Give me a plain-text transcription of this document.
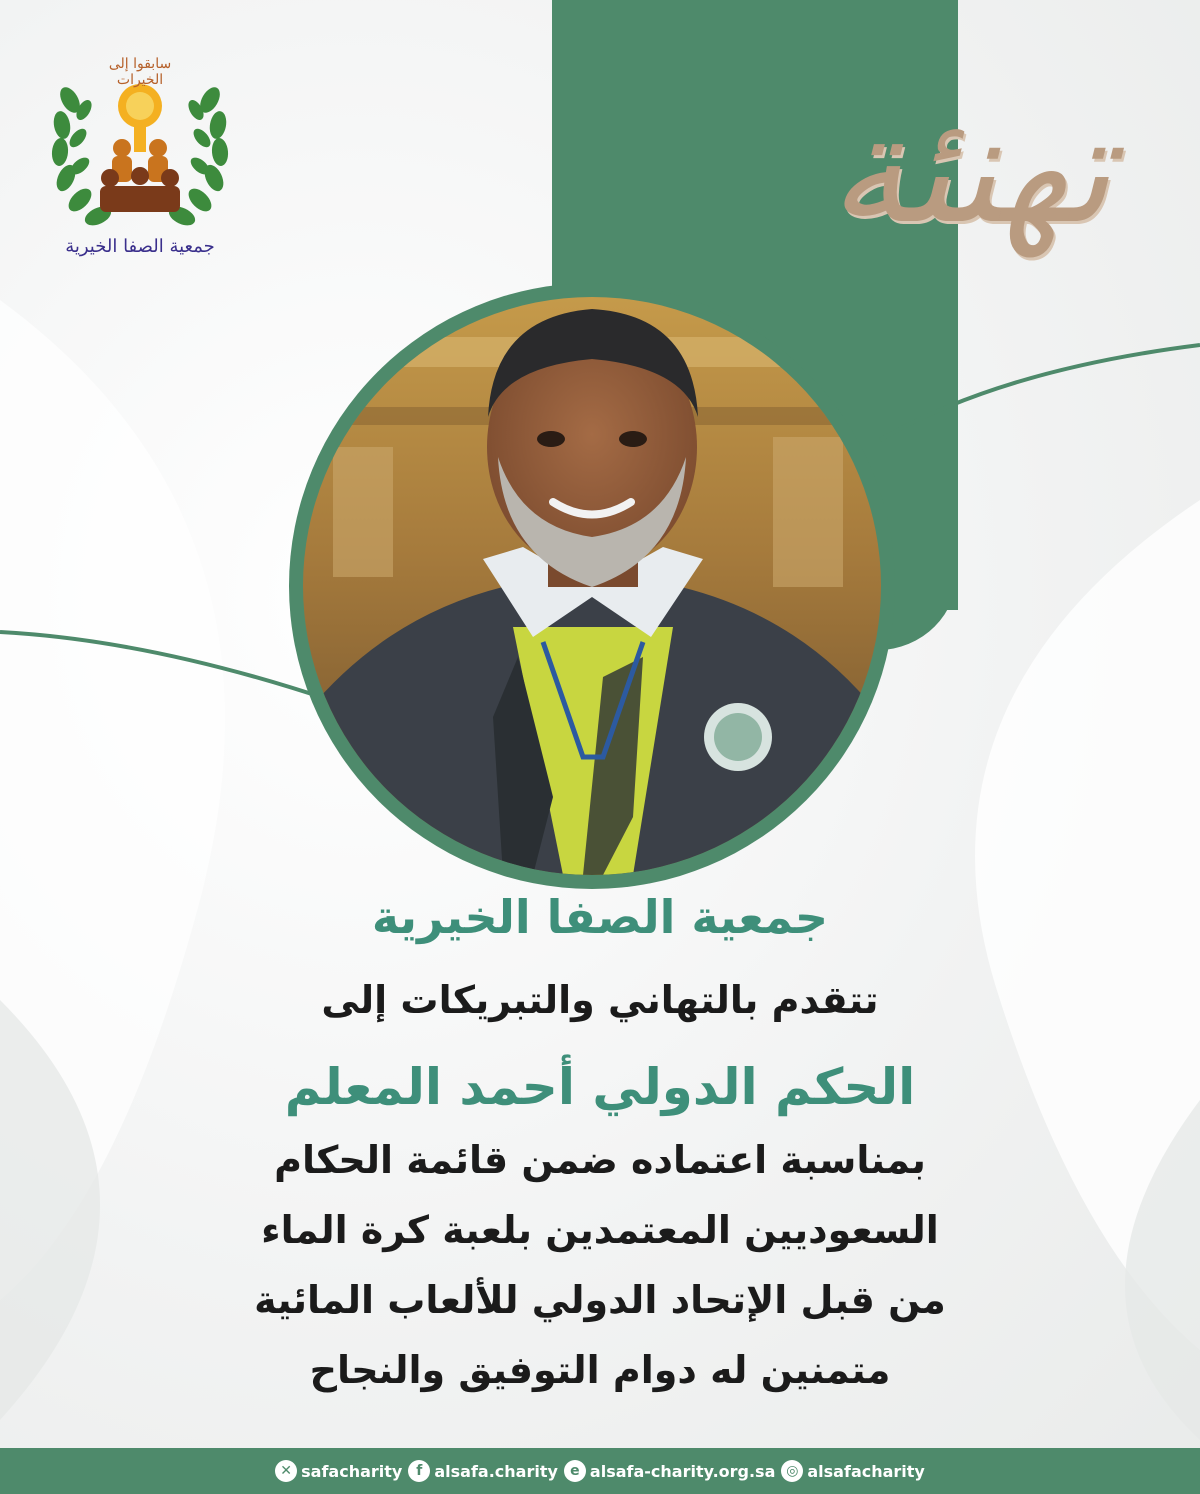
سابقوا إلى الخيرات
جمعية الصفا الخيرية	تهنئة
جمعية الصفا الخيرية
تتقدم بالتهاني والتبريكات إلى
الحكم الدولي أحمد المعلم
بمناسبة اعتماده ضمن قائمة الحكام
السعوديين المعتمدين بلعبة كرة الماء
من قبل الإتحاد الدولي للألعاب المائية
متمنين له دوام التوفيق والنجاح
✕ safacharity f alsafa.charity e alsafa-charity.org.sa ◎ alsafacharity
